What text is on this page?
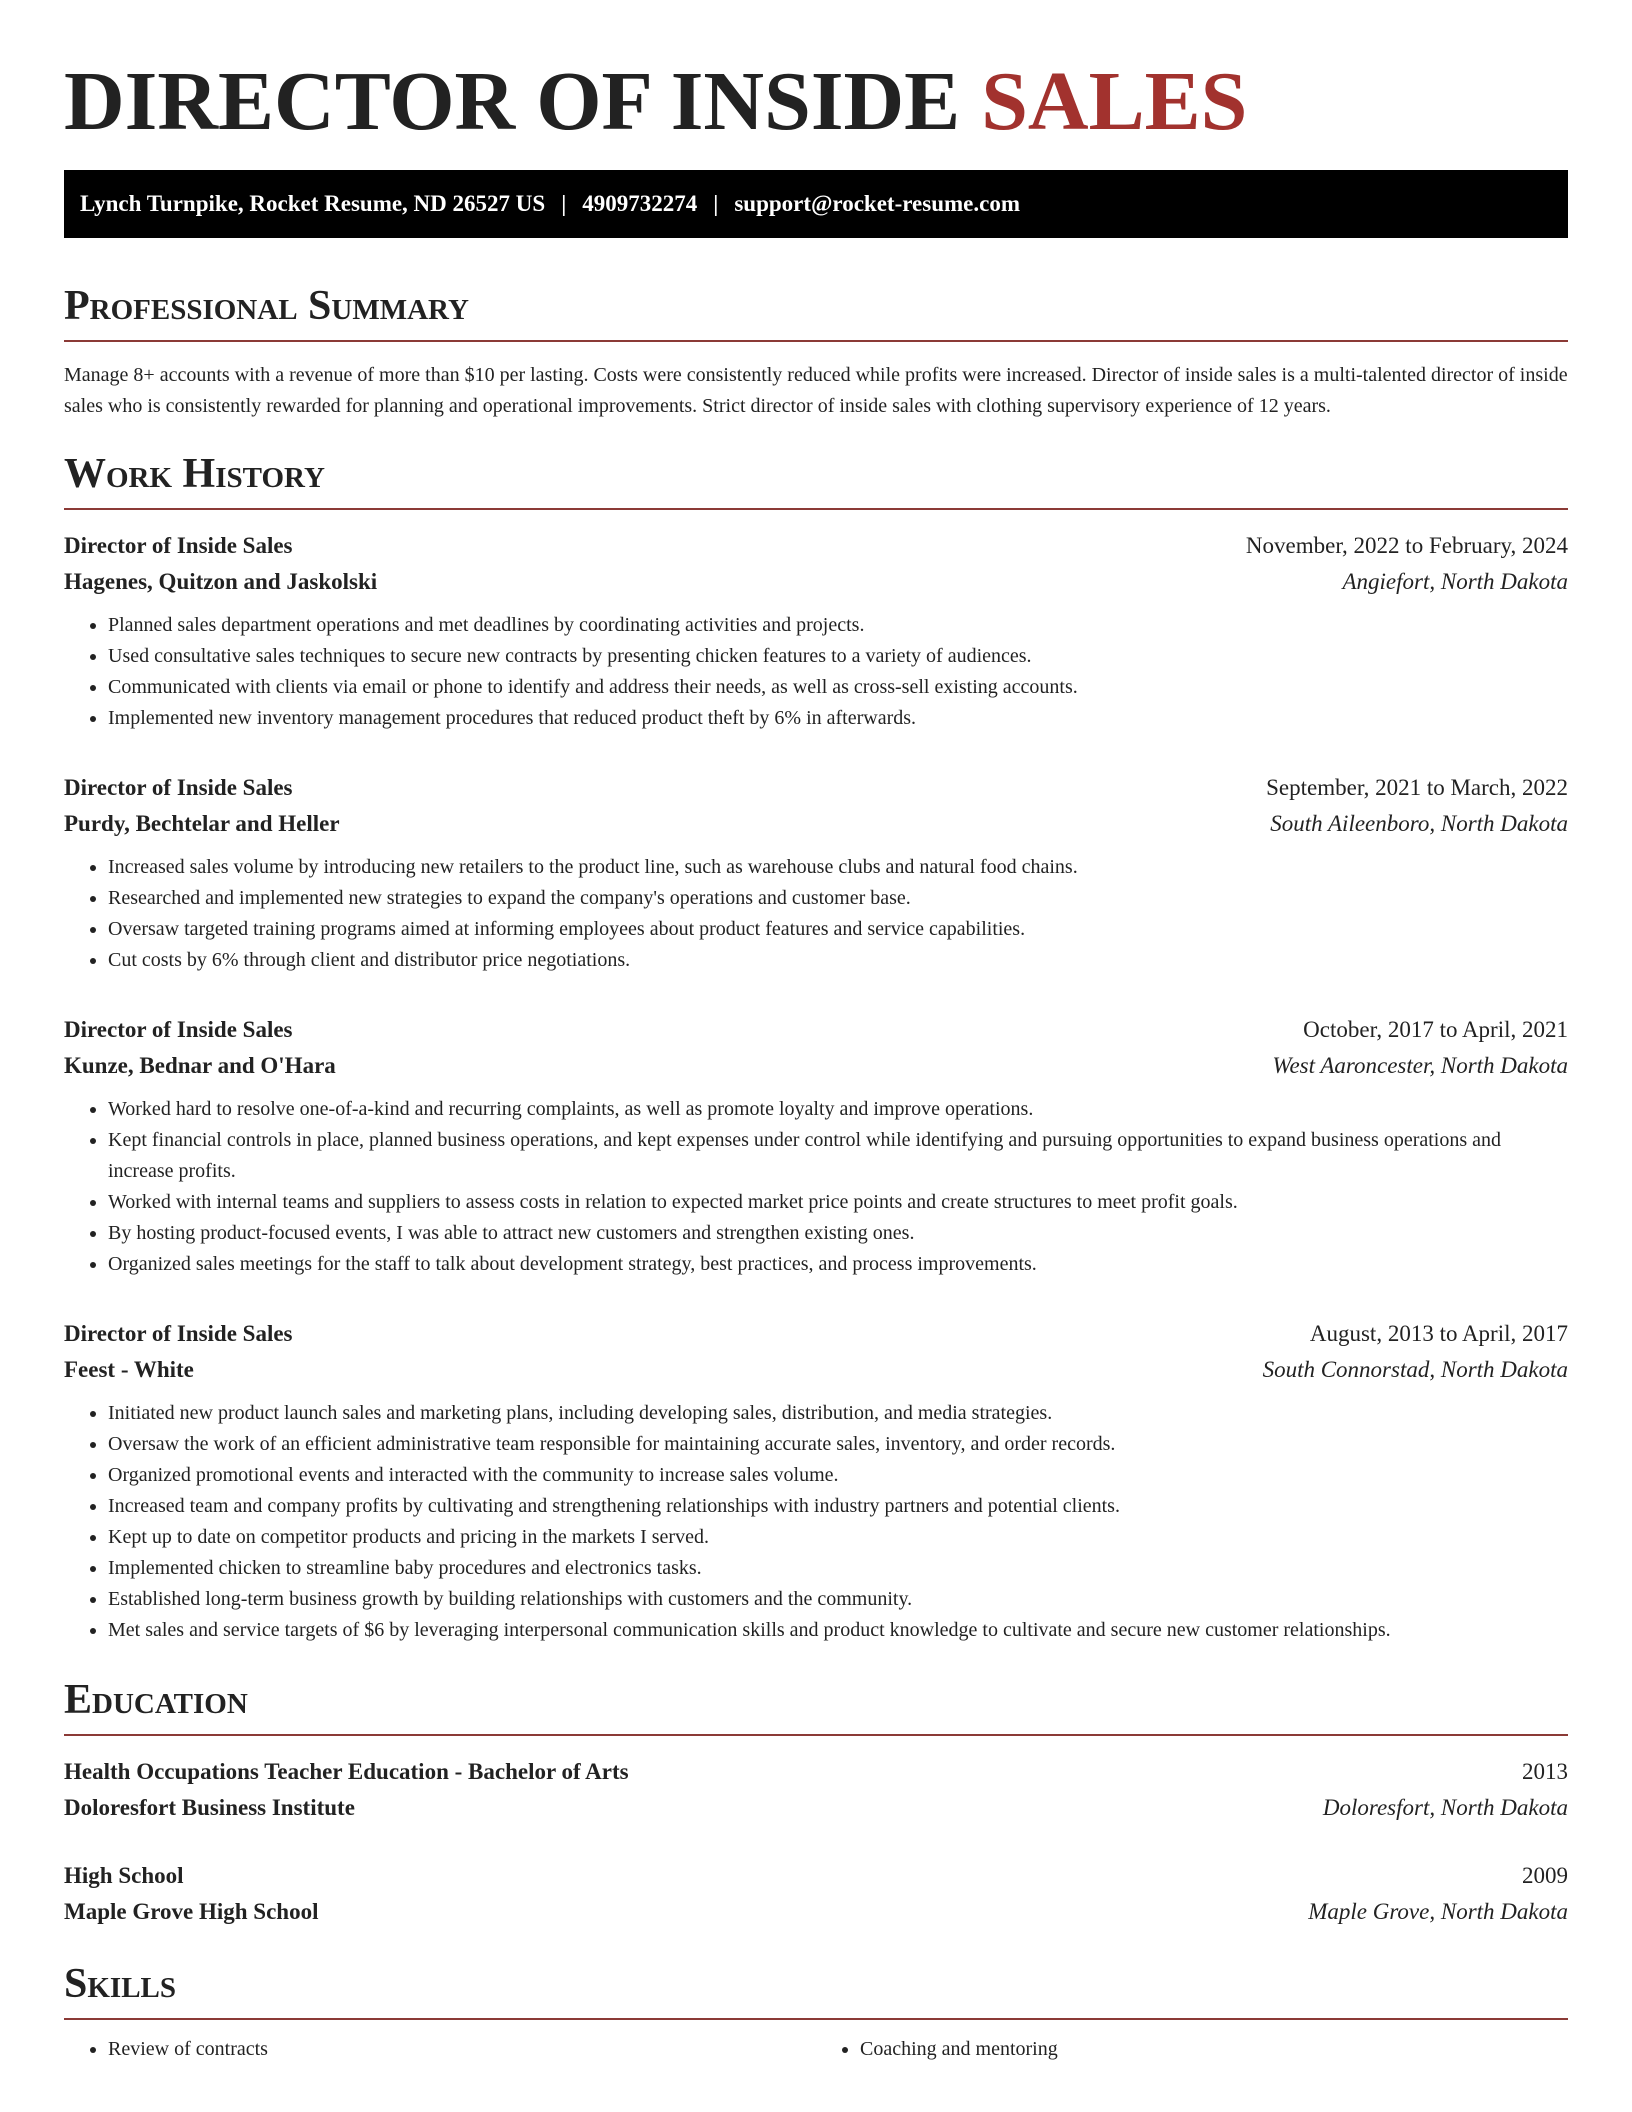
DIRECTOR OF INSIDE SALES
Lynch Turnpike, Rocket Resume, ND 26527 US | 4909732274 | support@rocket-resume.com
Professional Summary

Manage 8+ accounts with a revenue of more than $10 per lasting. Costs were consistently reduced while profits were increased. Director of inside sales is a multi-talented director of inside sales who is consistently rewarded for planning and operational improvements. Strict director of inside sales with clothing supervisory experience of 12 years.

Work History
Director of Inside Sales	November, 2022 to February, 2024
Hagenes, Quitzon and Jaskolski	Angiefort, North Dakota
• Planned sales department operations and met deadlines by coordinating activities and projects.
• Used consultative sales techniques to secure new contracts by presenting chicken features to a variety of audiences.
• Communicated with clients via email or phone to identify and address their needs, as well as cross-sell existing accounts.
• Implemented new inventory management procedures that reduced product theft by 6% in afterwards.
Director of Inside Sales	September, 2021 to March, 2022
Purdy, Bechtelar and Heller	South Aileenboro, North Dakota
• Increased sales volume by introducing new retailers to the product line, such as warehouse clubs and natural food chains.
• Researched and implemented new strategies to expand the company's operations and customer base.
• Oversaw targeted training programs aimed at informing employees about product features and service capabilities.
• Cut costs by 6% through client and distributor price negotiations.
Director of Inside Sales	October, 2017 to April, 2021
Kunze, Bednar and O'Hara	West Aaroncester, North Dakota
• Worked hard to resolve one-of-a-kind and recurring complaints, as well as promote loyalty and improve operations.
• Kept financial controls in place, planned business operations, and kept expenses under control while identifying and pursuing opportunities to expand business operations and increase profits.
• Worked with internal teams and suppliers to assess costs in relation to expected market price points and create structures to meet profit goals.
• By hosting product-focused events, I was able to attract new customers and strengthen existing ones.
• Organized sales meetings for the staff to talk about development strategy, best practices, and process improvements.
Director of Inside Sales	August, 2013 to April, 2017
Feest - White	South Connorstad, North Dakota
• Initiated new product launch sales and marketing plans, including developing sales, distribution, and media strategies.
• Oversaw the work of an efficient administrative team responsible for maintaining accurate sales, inventory, and order records.
• Organized promotional events and interacted with the community to increase sales volume.
• Increased team and company profits by cultivating and strengthening relationships with industry partners and potential clients.
• Kept up to date on competitor products and pricing in the markets I served.
• Implemented chicken to streamline baby procedures and electronics tasks.
• Established long-term business growth by building relationships with customers and the community.
• Met sales and service targets of $6 by leveraging interpersonal communication skills and product knowledge to cultivate and secure new customer relationships.
Education
Health Occupations Teacher Education - Bachelor of Arts	2013
Doloresfort Business Institute	Doloresfort, North Dakota
High School	2009
Maple Grove High School	Maple Grove, North Dakota
Skills
• Review of contracts
•	Coaching and mentoring
